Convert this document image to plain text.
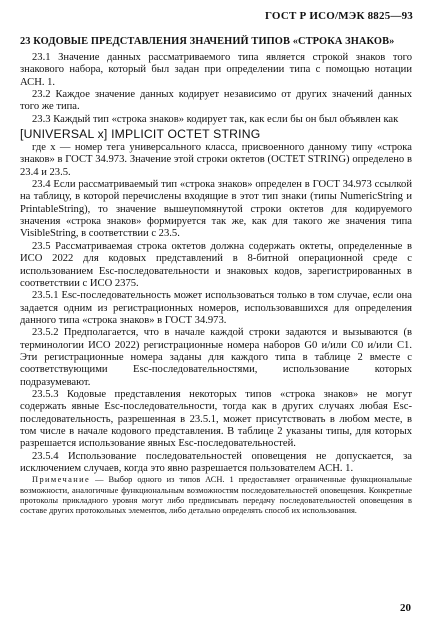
ГОСТ Р ИСО/МЭК 8825—93
23 КОДОВЫЕ ПРЕДСТАВЛЕНИЯ ЗНАЧЕНИЙ ТИПОВ «СТРОКА ЗНАКОВ»

23.1 Значение данных рассматриваемого типа является строкой знаков того знакового набора, который был задан при определении типа с помощью нотации АСН. 1.

23.2 Каждое значение данных кодирует независимо от других значений данных того же типа.

23.3 Каждый тип «строка знаков» кодирует так, как если бы он был объявлен как

[UNIVERSAL x] IMPLICIT OCTET STRING

где x — номер тега универсального класса, присвоенного данному типу «строка знаков» в ГОСТ 34.973. Значение этой строки октетов (OCTET STRING) определено в 23.4 и 23.5.

23.4 Если рассматриваемый тип «строка знаков» определен в ГОСТ 34.973 ссылкой на таблицу, в которой перечислены входящие в этот тип знаки (типы NumericString и PrintableString), то значение вышеупомянутой строки октетов для кодируемого значения «строка знаков» формируется так же, как для такого же значения типа VisibleString, в соответствии с 23.5.

23.5 Рассматриваемая строка октетов должна содержать октеты, определенные в ИСО 2022 для кодовых представлений в 8-битной операционной среде с использованием Esc-последовательности и знаковых кодов, зарегистрированных в соответствии с ИСО 2375.

23.5.1 Esc-последовательность может использоваться только в том случае, если она задается одним из регистрационных номеров, использовавшихся для определения данного типа «строка знаков» в ГОСТ 34.973.

23.5.2 Предполагается, что в начале каждой строки задаются и вызываются (в терминологии ИСО 2022) регистрационные номера наборов G0 и/или C0 и/или C1. Эти регистрационные номера заданы для каждого типа в таблице 2 вместе с соответствующими Esc-последовательностями, использование которых подразумевают.

23.5.3 Кодовые представления некоторых типов «строка знаков» не могут содержать явные Esc-последовательности, тогда как в других случаях любая Esc-последовательность, разрешенная в 23.5.1, может присутствовать в любом месте, в том числе в начале кодового представления. В таблице 2 указаны типы, для которых разрешается использование явных Esc-последовательностей.

23.5.4 Использование последовательностей оповещения не допускается, за исключением случаев, когда это явно разрешается пользователем АСН. 1.

Примечание — Выбор одного из типов АСН. 1 предоставляет ограниченные функциональные возможности, аналогичные функциональным возможностям последовательностей оповещения. Конкретные протоколы прикладного уровня могут либо предписывать передачу последовательностей оповещения в составе других протокольных элементов, либо детально определять способ их использования.

20
